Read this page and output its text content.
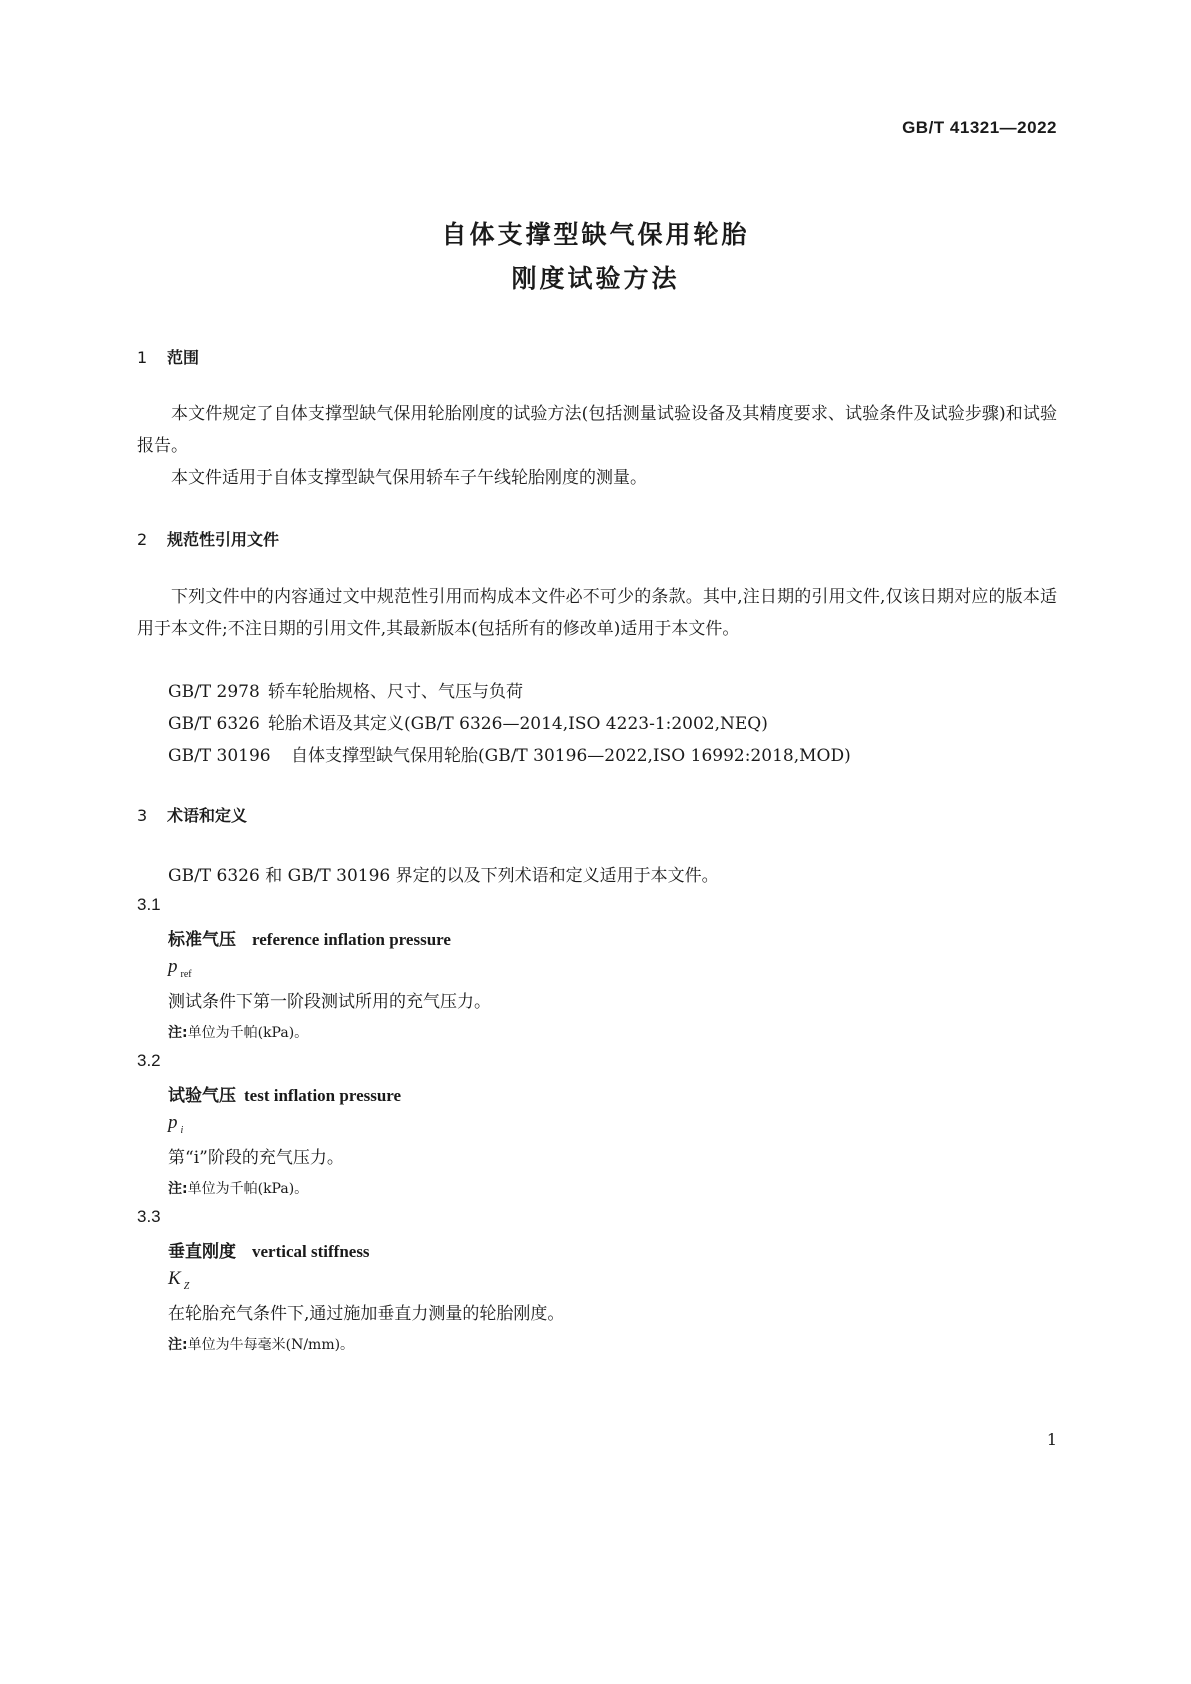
GB/T 41321—2022
自体支撑型缺气保用轮胎
刚度试验方法
1 范围
本文件规定了自体支撑型缺气保用轮胎刚度的试验方法(包括测量试验设备及其精度要求、试验条件及试验步骤)和试验报告。
本文件适用于自体支撑型缺气保用轿车子午线轮胎刚度的测量。
2 规范性引用文件
下列文件中的内容通过文中规范性引用而构成本文件必不可少的条款。其中,注日期的引用文件,仅该日期对应的版本适用于本文件;不注日期的引用文件,其最新版本(包括所有的修改单)适用于本文件。
GB/T 2978 轿车轮胎规格、尺寸、气压与负荷
GB/T 6326 轮胎术语及其定义(GB/T 6326—2014,ISO 4223-1:2002,NEQ)
GB/T 30196 自体支撑型缺气保用轮胎(GB/T 30196—2022,ISO 16992:2018,MOD)
3 术语和定义
GB/T 6326 和 GB/T 30196 界定的以及下列术语和定义适用于本文件。
3.1
标准气压 reference inflation pressure
p $_{ref}$
测试条件下第一阶段测试所用的充气压力。
注:单位为千帕(kPa)。
3.2
试验气压 test inflation pressure
p $_i$
第“i”阶段的充气压力。
注:单位为千帕(kPa)。
3.3
垂直刚度 vertical stiffness
K $_Z$
在轮胎充气条件下,通过施加垂直力测量的轮胎刚度。
注:单位为牛每毫米(N/mm)。
1
